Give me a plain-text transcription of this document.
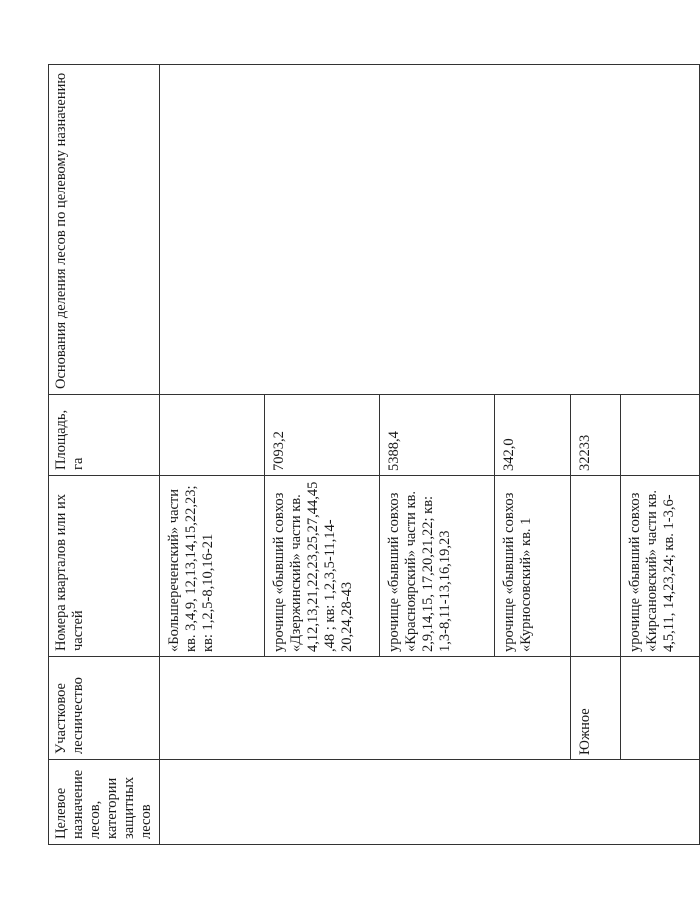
Целевое назначение лесов, категории защитных лесов	Участковое лесничество	Номера кварталов или их частей	Площадь, га	Основания деления лесов по целевому назначению
		«Большереченский» части кв. 3,4,9, 12,13,14,15,22,23; кв: 1,2,5-8,10,16-21		
		урочище «бывший совхоз «Дзержинский» части кв. 4,12,13,21,22,23,25,27,44,45,48 ; кв: 1,2,3,5-11,14-20,24,28-43	7093,2	
		урочище «бывший совхоз «Красноярский» части кв. 2,9,14,15, 17,20,21,22; кв: 1,3-8,11-13,16,19,23	5388,4	
		урочище «бывший совхоз «Курносовский» кв. 1	342,0	
	Южное		32233	
		урочище «бывший совхоз «Кирсановский» части кв. 4,5,11, 14,23,24; кв. 1-3,6-		
